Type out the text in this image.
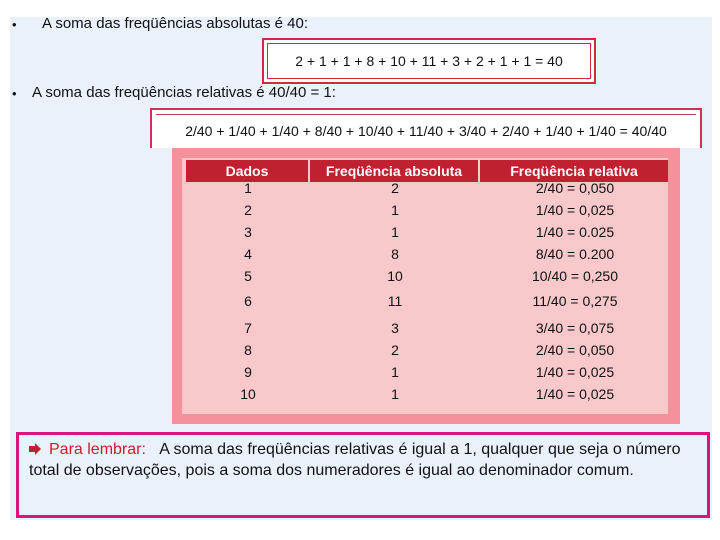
• A soma das freqüências absolutas é 40:
2 + 1 + 1 + 8 + 10 + 11 + 3 + 2 + 1 + 1 = 40
• A soma das freqüências relativas é 40/40 = 1:
2/40 + 1/40 + 1/40 + 8/40 + 10/40 + 11/40 + 3/40 + 2/40 + 1/40 + 1/40 = 40/40
Dados	Freqüência absoluta	Freqüência relativa
1	2	2/40 = 0,050
2	1	1/40 = 0,025
3	1	1/40 = 0.025
4	8	8/40 = 0.200
5	10	10/40 = 0,250
6	11	11/40 = 0,275
7	3	3/40 = 0,075
8	2	2/40 = 0,050
9	1	1/40 = 0,025
10	1	1/40 = 0,025
Para lembrar: A soma das freqüências relativas é igual a 1, qualquer que seja o número total de observações, pois a soma dos numeradores é igual ao denominador comum.
